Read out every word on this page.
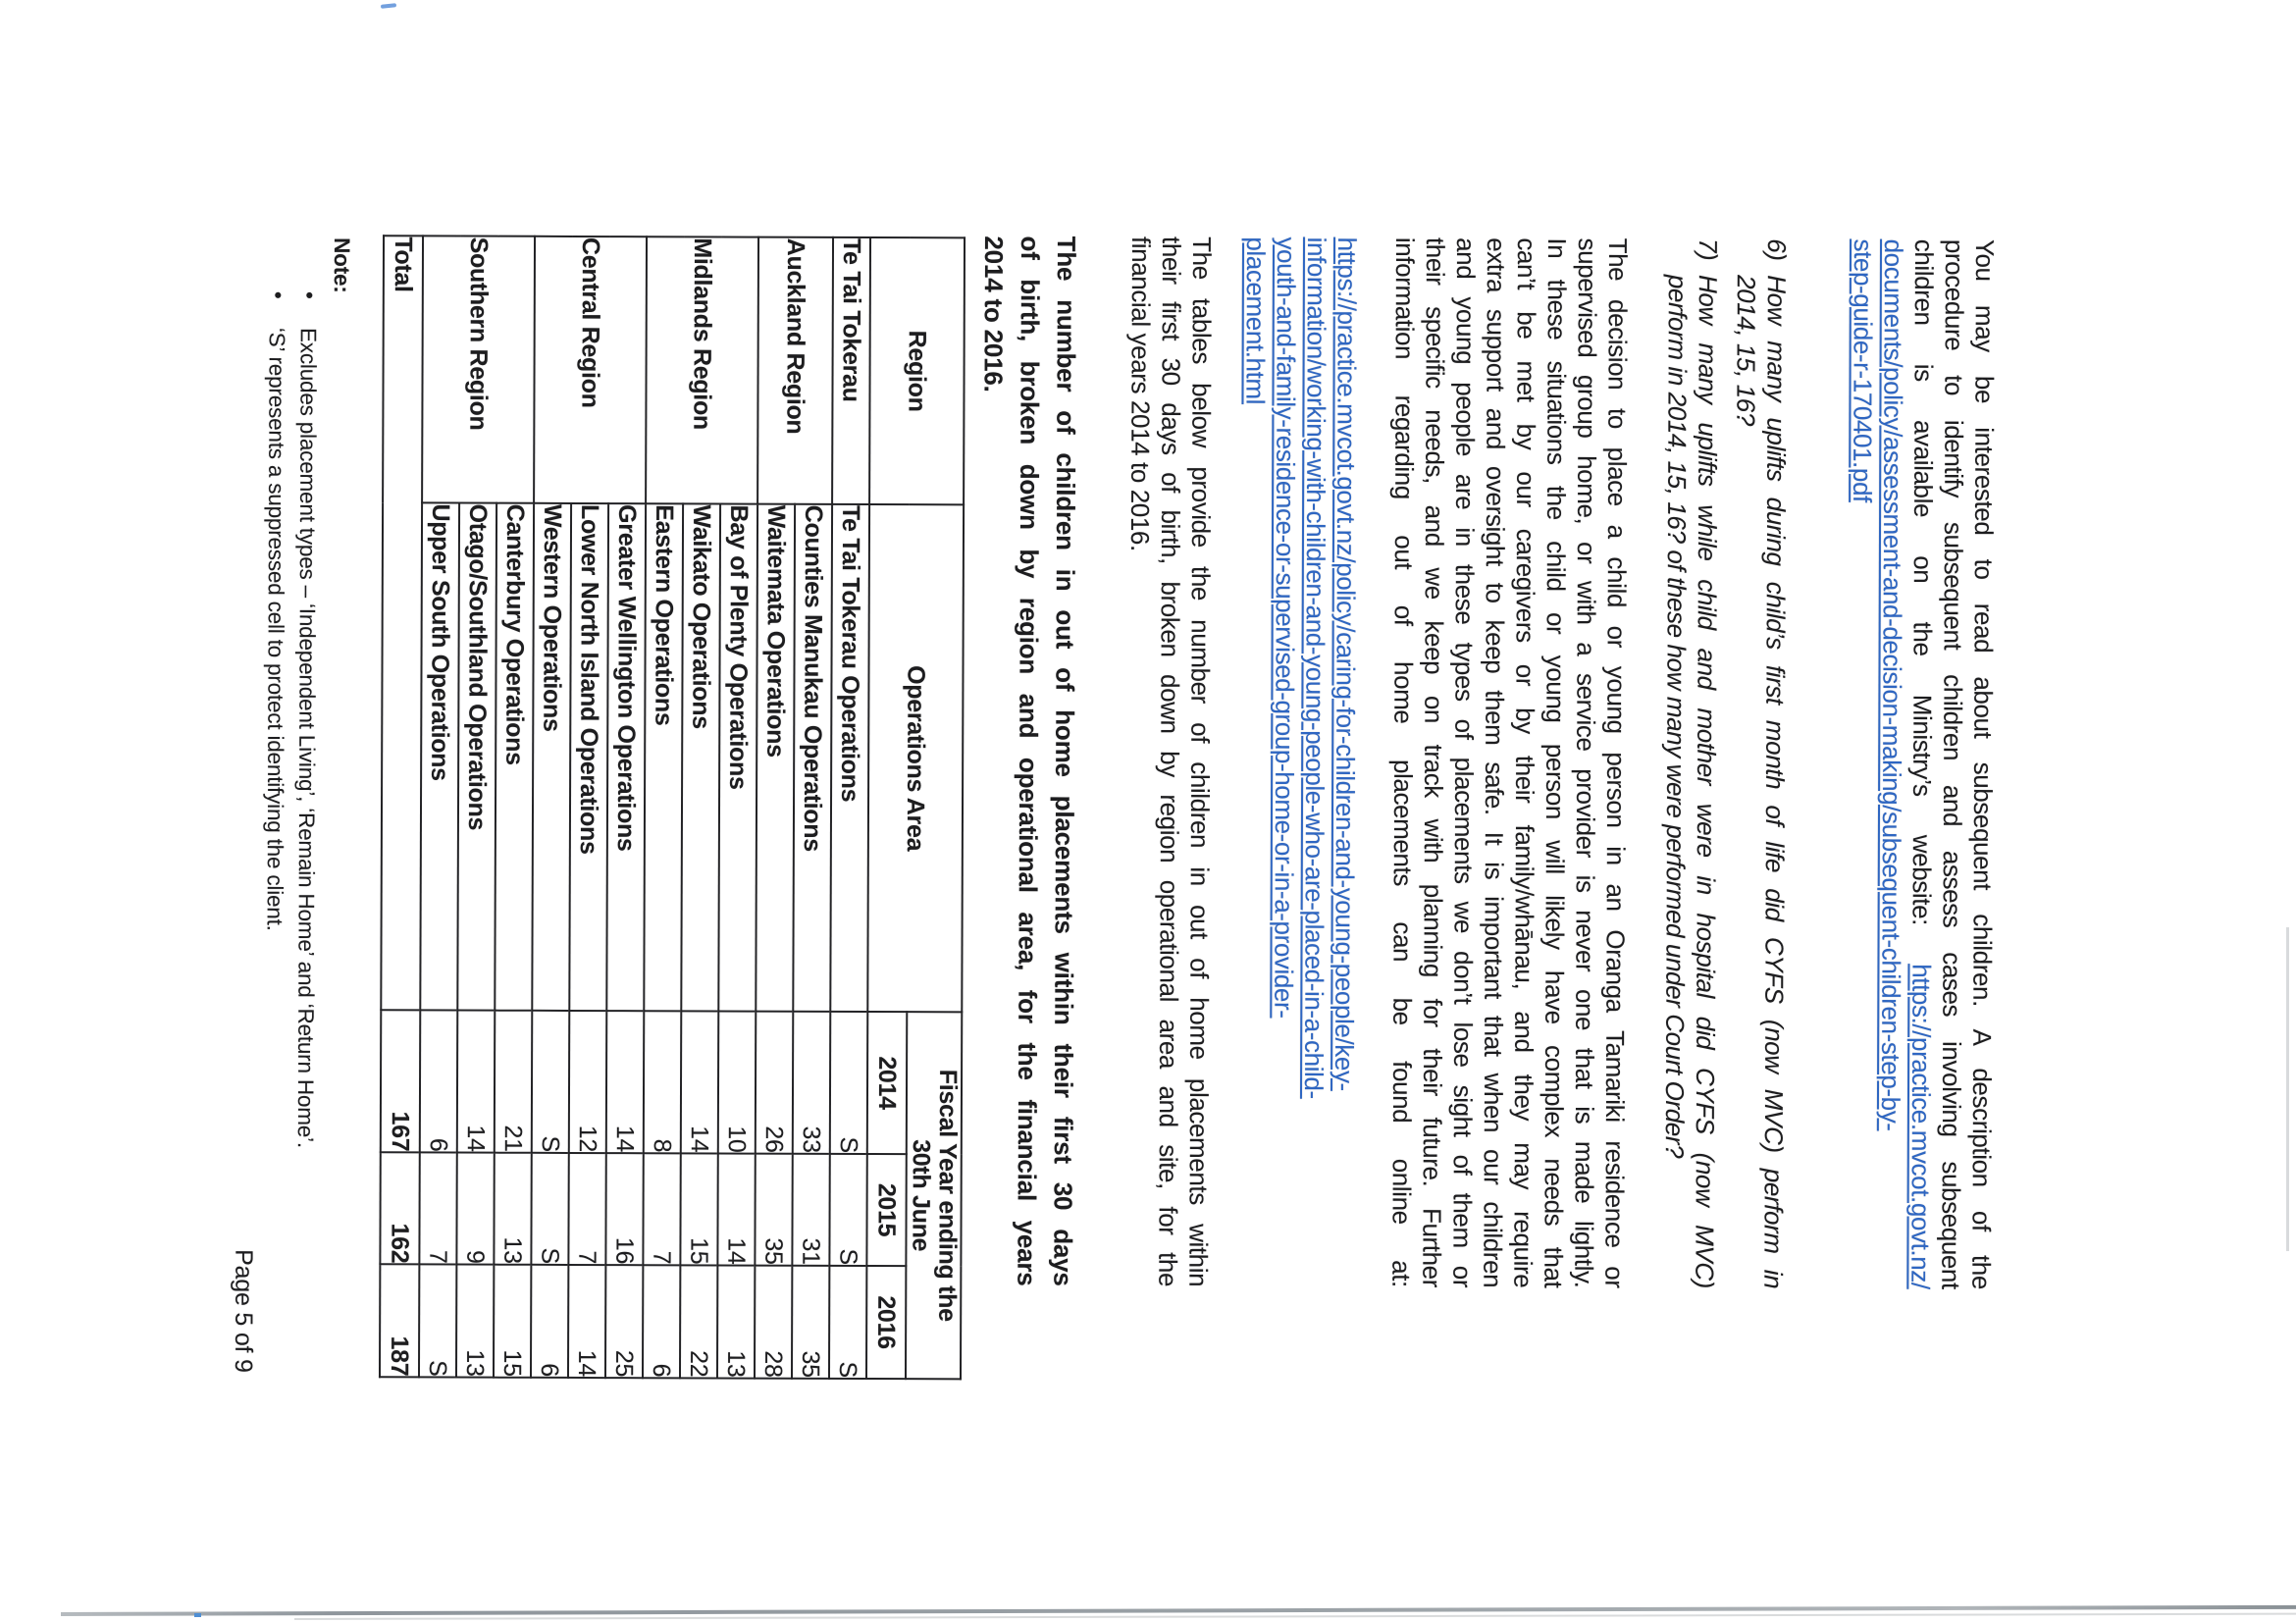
You may be interested to read about subsequent children. A description of the
procedure to identify subsequent children and assess cases involving subsequent
children is available on the Ministry’s website: https://practice.mvcot.govt.nz/
documents/policy/assessment-and-decision-making/subsequent-children-step-by-
step-guide-r-170401.pdf
6)
How many uplifts during child’s first month of life did CYFS (now MVC) perform in
2014, 15, 16?
7)
How many uplifts while child and mother were in hospital did CYFS (now MVC)
perform in 2014, 15, 16? of these how many were performed under Court Order?
The decision to place a child or young person in an Oranga Tamariki residence or
supervised group home, or with a service provider is never one that is made lightly.
In these situations the child or young person will likely have complex needs that
can’t be met by our caregivers or by their family/whānau, and they may require
extra support and oversight to keep them safe. It is important that when our children
and young people are in these types of placements we don’t lose sight of them or
their specific needs, and we keep on track with planning for their future. Further
information regarding out of home placements can be found online at:
https://practice.mvcot.govt.nz/policy/caring-for-children-and-young-people/key-
information/working-with-children-and-young-people-who-are-placed-in-a-child-
youth-and-family-residence-or-supervised-group-home-or-in-a-provider-
placement.html
The tables below provide the number of children in out of home placements within
their first 30 days of birth, broken down by region operational area and site, for the
financial years 2014 to 2016.
The number of children in out of home placements within their first 30 days
of birth, broken down by region and operational area, for the financial years
2014 to 2016.
Region	Operations Area	Fiscal Year ending the
30th June		

		2014	2015	2016
Te Tai Tokerau	Te Tai Tokerau Operations	S	S	S
Auckland Region	Counties Manukau Operations	33	31	35
	Waitemata Operations	26	35	28
Midlands Region	Bay of Plenty Operations	10	14	13
	Waikato Operations	14	15	22
	Eastern Operations	8	7	6
Central Region	Greater Wellington Operations	14	16	25
	Lower North Island Operations	12	7	14
	Western Operations	S	S	6
Southern Region	Canterbury Operations	21	13	15
	Otago/Southland Operations	14	9	13
	Upper South Operations	6	7	S
Total		167	162	187
Note:
•
Excludes placement types – ‘Independent Living’, ‘Remain Home’ and ‘Return Home’.
•
‘S’ represents a suppressed cell to protect identifying the client.
Page 5 of 9
